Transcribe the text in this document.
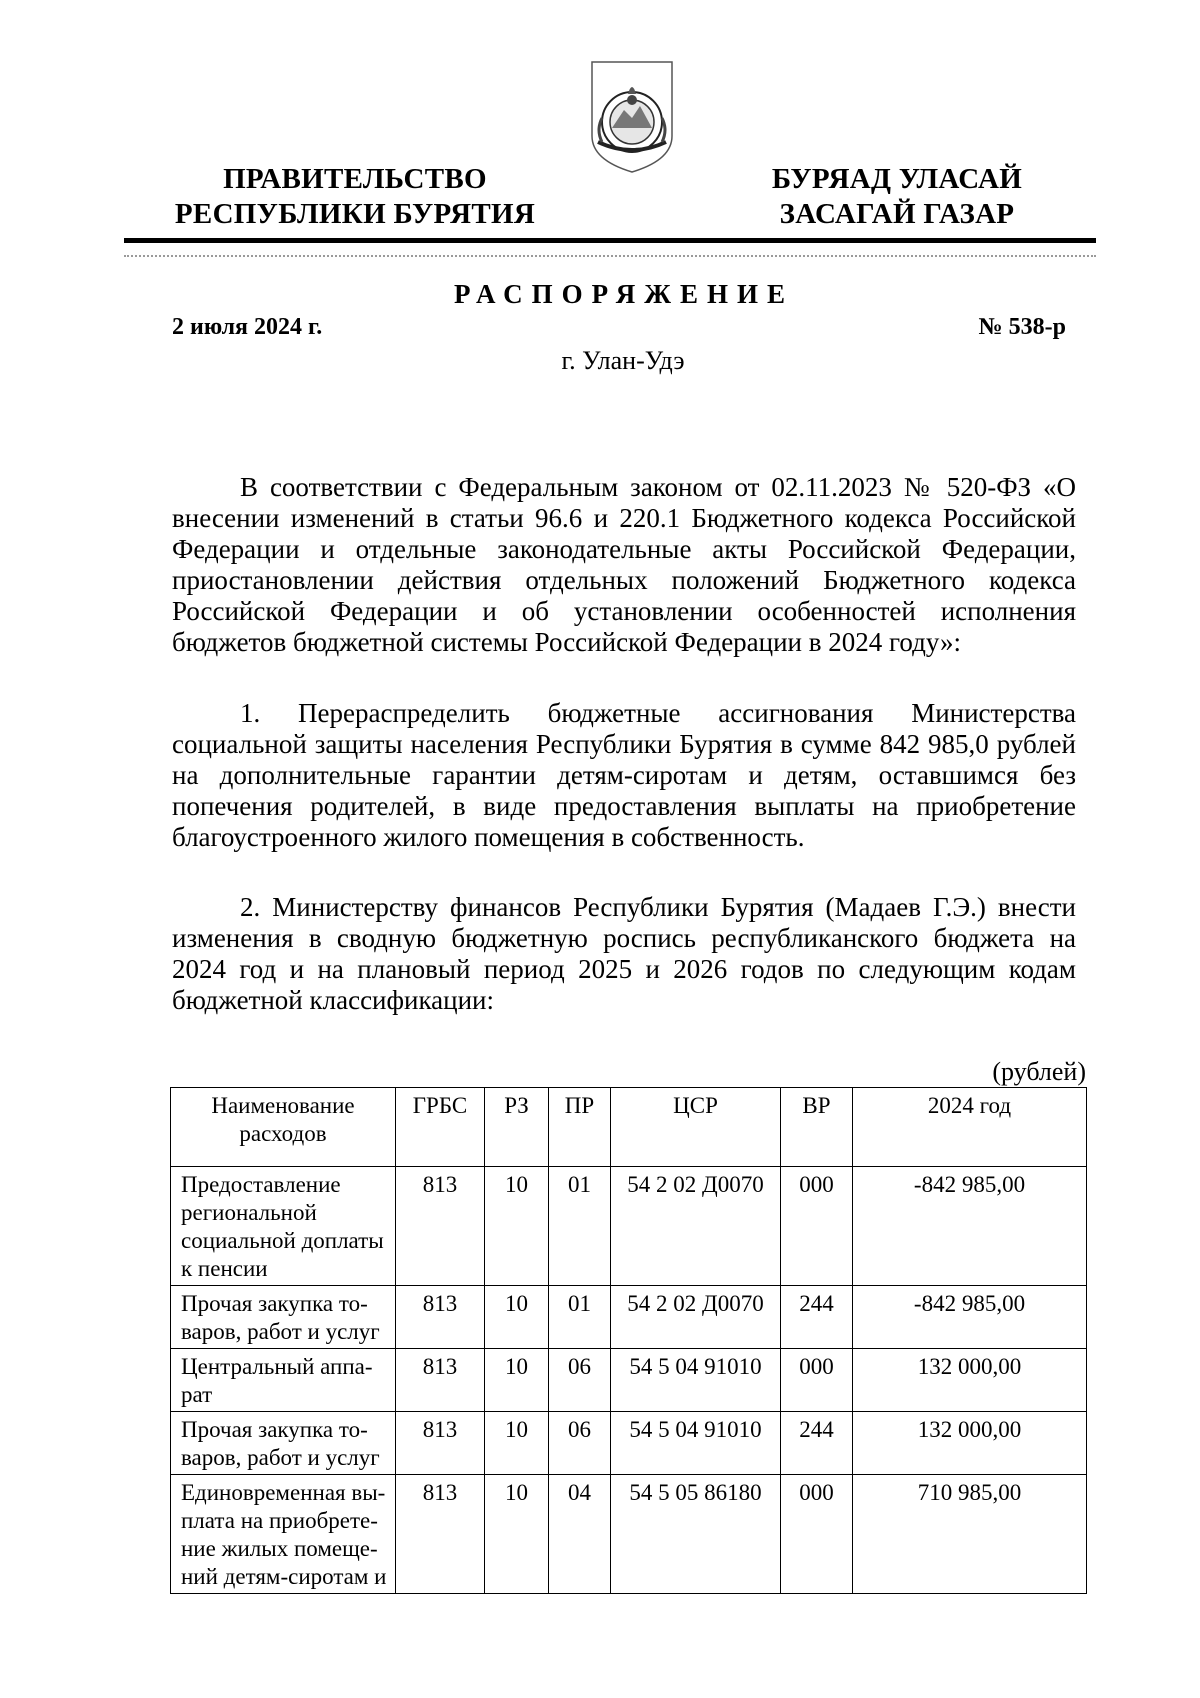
ПРАВИТЕЛЬСТВО
РЕСПУБЛИКИ БУРЯТИЯ
БУРЯАД УЛАСАЙ
ЗАСАГАЙ ГАЗАР
РАСПОРЯЖЕНИЕ
2 июля 2024 г.	№ 538-р
г. Улан-Удэ

В соответствии с Федеральным законом от 02.11.2023 № 520-ФЗ «О внесении изменений в статьи 96.6 и 220.1 Бюджетного кодекса Российской Федерации и отдельные законодательные акты Российской Федерации, приостановлении действия отдельных положений Бюджетного кодекса Российской Федерации и об установлении особенностей исполнения бюджетов бюджетной системы Российской Федерации в 2024 году»:

1. Перераспределить бюджетные ассигнования Министерства социальной защиты населения Республики Бурятия в сумме 842 985,0 рублей на дополнительные гарантии детям-сиротам и детям, оставшимся без попечения родителей, в виде предоставления выплаты на приобретение благоустроенного жилого помещения в собственность.

2. Министерству финансов Республики Бурятия (Мадаев Г.Э.) внести изменения в сводную бюджетную роспись республиканского бюджета на 2024 год и на плановый период 2025 и 2026 годов по следующим кодам бюджетной классификации:

(рублей)
Наименование расходов	ГРБС	РЗ	ПР	ЦСР	ВР	2024 год
Предоставление региональной социальной доплаты к пенсии	813	10	01	54 2 02 Д0070	000	-842 985,00
Прочая закупка товаров, работ и услуг	813	10	01	54 2 02 Д0070	244	-842 985,00
Центральный аппарат	813	10	06	54 5 04 91010	000	132 000,00
Прочая закупка товаров, работ и услуг	813	10	06	54 5 04 91010	244	132 000,00
Единовременная выплата на приобретение жилых помещений детям-сиротам и	813	10	04	54 5 05 86180	000	710 985,00
